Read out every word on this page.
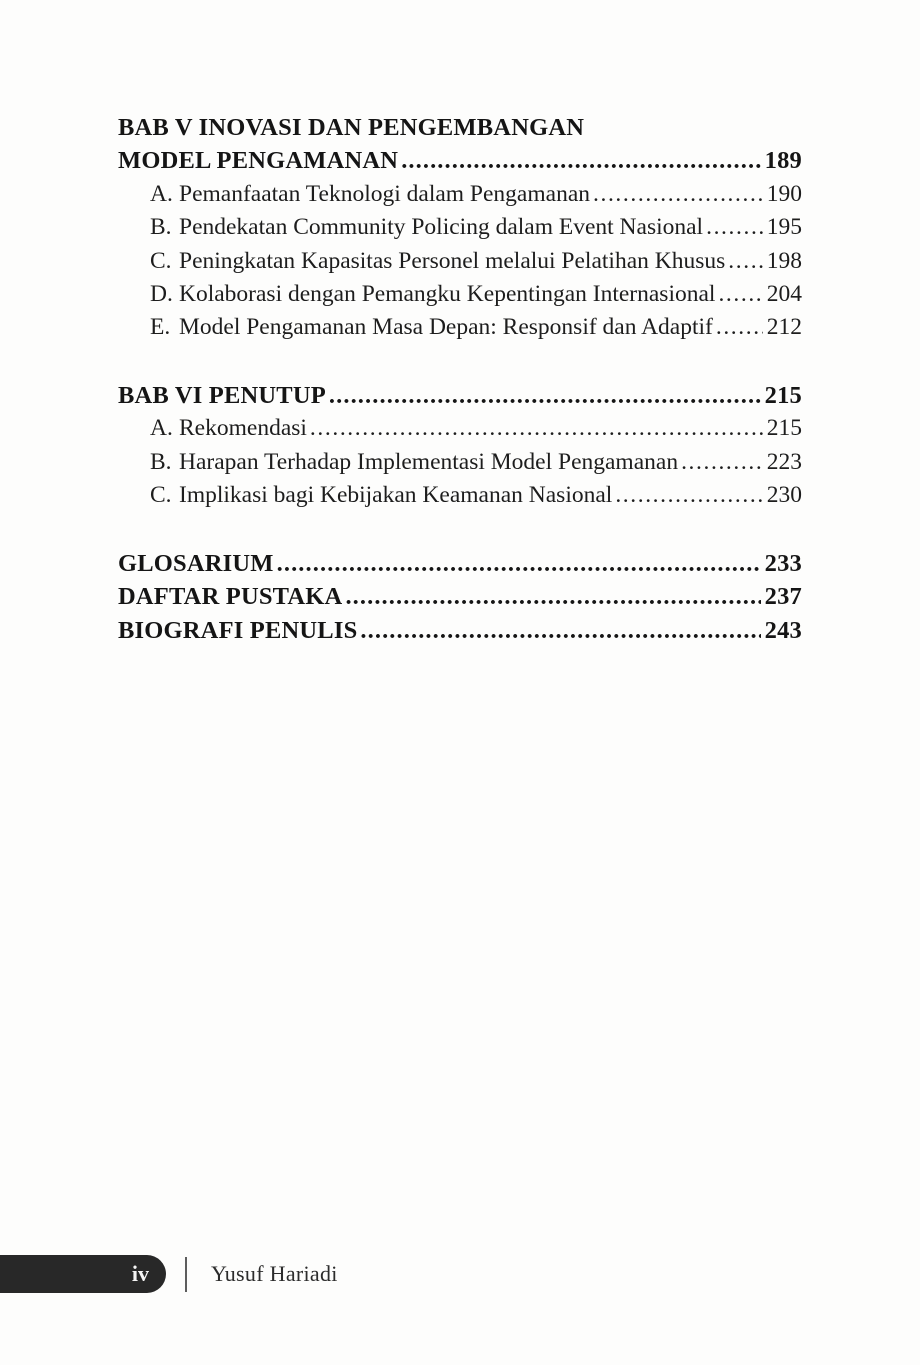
BAB V INOVASI DAN PENGEMBANGAN
MODEL PENGAMANAN .....	189
A. Pemanfaatan Teknologi dalam Pengamanan .....	190
B. Pendekatan Community Policing dalam Event Nasional .....	195
C. Peningkatan Kapasitas Personel melalui Pelatihan Khusus ..... 198
D. Kolaborasi dengan Pemangku Kepentingan Internasional ..... 204
E. Model Pengamanan Masa Depan: Responsif dan Adaptif ..... 212
BAB VI PENUTUP .....	215
A. Rekomendasi .....	215
B. Harapan Terhadap Implementasi Model Pengamanan .....	223
C. Implikasi bagi Kebijakan Keamanan Nasional .....	230
GLOSARIUM .....	233
DAFTAR PUSTAKA .....	237
BIOGRAFI PENULIS .....	243
iv	Yusuf Hariadi
